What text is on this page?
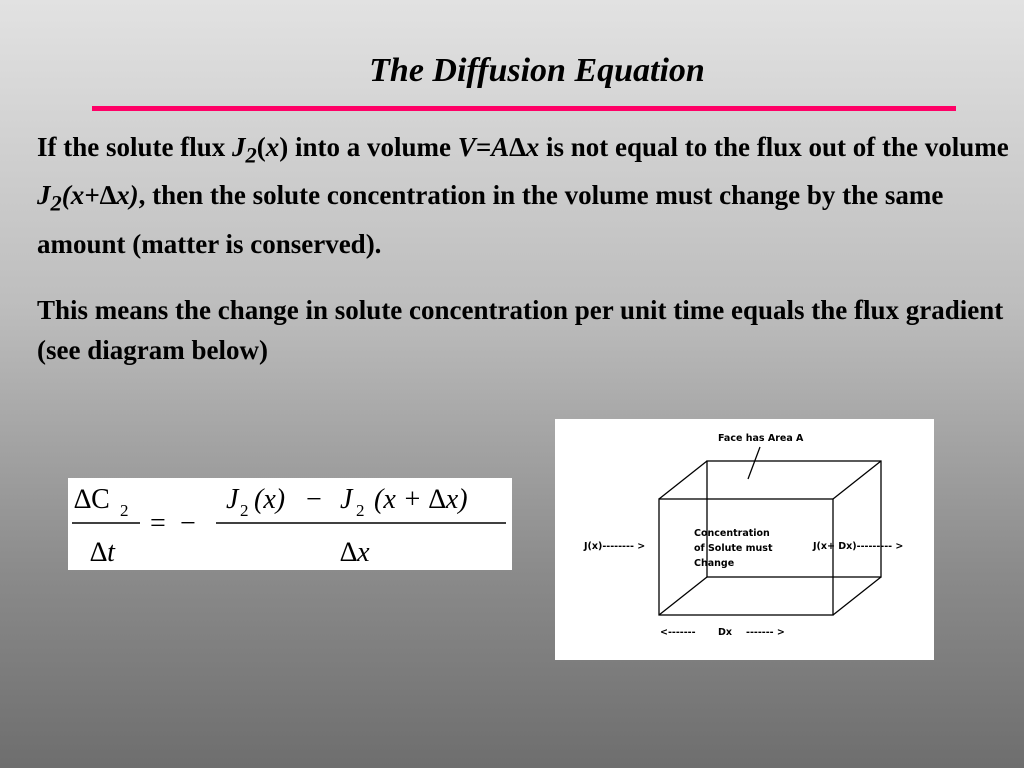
The Diffusion Equation
If the solute flux $J_2(x)$ into a volume V=A∆x is not equal to the flux out of the volume $J_2(x+\Delta x)$, then the solute concentration in the volume must change by the same amount (matter is conserved).
This means the change in solute concentration per unit time equals the flux gradient (see diagram below)
∆C 2
∆t
= −
J 2 (x) − J 2 (x + ∆x)
∆x
Face has Area A
Concentration
of Solute must
Change
J(x)-------- >	J(x+ Dx)--------- >
<------- Dx ------- >
